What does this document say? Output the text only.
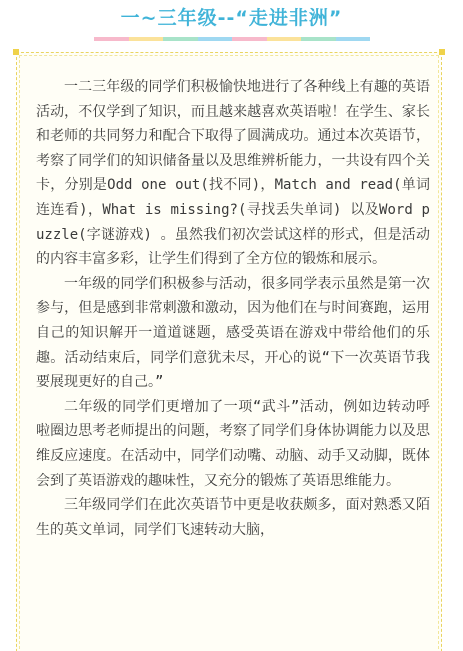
一~三年级--“走进非洲”

一二三年级的同学们积极愉快地进行了各种线上有趣的英语活动，不仅学到了知识，而且越来越喜欢英语啦！在学生、家长和老师的共同努力和配合下取得了圆满成功。通过本次英语节，考察了同学们的知识储备量以及思维辨析能力，一共设有四个关卡，分别是Odd one out(找不同)，Match and read(单词连连看)，What is missing?(寻找丢失单词) 以及Word puzzle(字谜游戏) 。虽然我们初次尝试这样的形式，但是活动的内容丰富多彩，让学生们得到了全方位的锻炼和展示。

一年级的同学们积极参与活动，很多同学表示虽然是第一次参与，但是感到非常刺激和激动，因为他们在与时间赛跑，运用自己的知识解开一道道谜题，感受英语在游戏中带给他们的乐趣。活动结束后，同学们意犹未尽，开心的说“下一次英语节我要展现更好的自己。”

二年级的同学们更增加了一项“武斗”活动，例如边转动呼啦圈边思考老师提出的问题，考察了同学们身体协调能力以及思维反应速度。在活动中，同学们动嘴、动脑、动手又动脚，既体会到了英语游戏的趣味性，又充分的锻炼了英语思维能力。

三年级同学们在此次英语节中更是收获颇多，面对熟悉又陌生的英文单词，同学们飞速转动大脑，
